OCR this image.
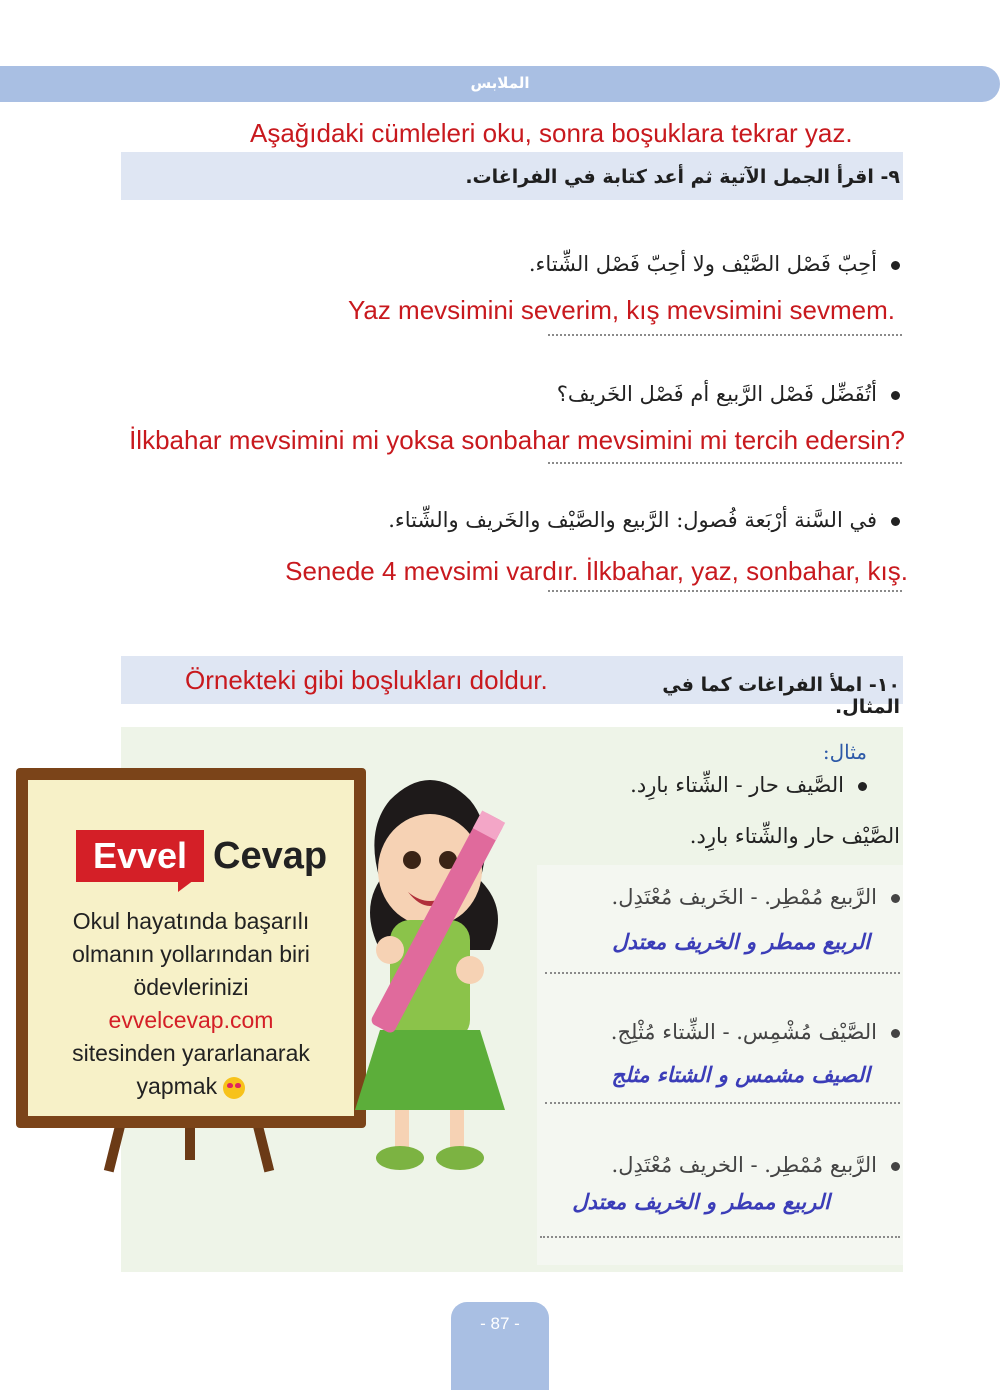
الملابس
Aşağıdaki cümleleri oku, sonra boşuklara tekrar yaz.
٩- اقرأ الجمل الآتية ثم أعد كتابة في الفراغات.
أحِبّ فَصْل الصَّيْف ولا أحِبّ فَصْل الشِّتاء.
Yaz mevsimini severim, kış mevsimini sevmem.
أتُفَضِّل فَصْل الرَّبيع أم فَصْل الخَريف؟
İlkbahar mevsimini mi yoksa sonbahar mevsimini mi tercih edersin?
في السَّنة أرْبَعة فُصول: الرَّبيع والصَّيْف والخَريف والشِّتاء.
Senede 4 mevsimi vardır. İlkbahar, yaz, sonbahar, kış.
Örnekteki gibi boşlukları doldur.	١٠- املأ الفراغات كما في المثال.
مثال:
الصَّيف حار - الشِّتاء بارِد.
الصَّيْف حار والشِّتاء بارِد.
الرَّبيع مُمْطِر. - الخَريف مُعْتَدِل.
الربيع ممطر و الخريف معتدل
الصَّيْف مُشْمِس. - الشِّتاء مُثْلِج.
الصيف مشمس و الشتاء مثلج
الرَّبيع مُمْطِر. - الخريف مُعْتَدِل.
الربيع ممطر و الخريف معتدل
Evvel Cevap
Okul hayatında başarılı
olmanın yollarından biri
ödevlerinizi
evvelcevap.com
sitesinden yararlanarak
yapmak
- 87 -
